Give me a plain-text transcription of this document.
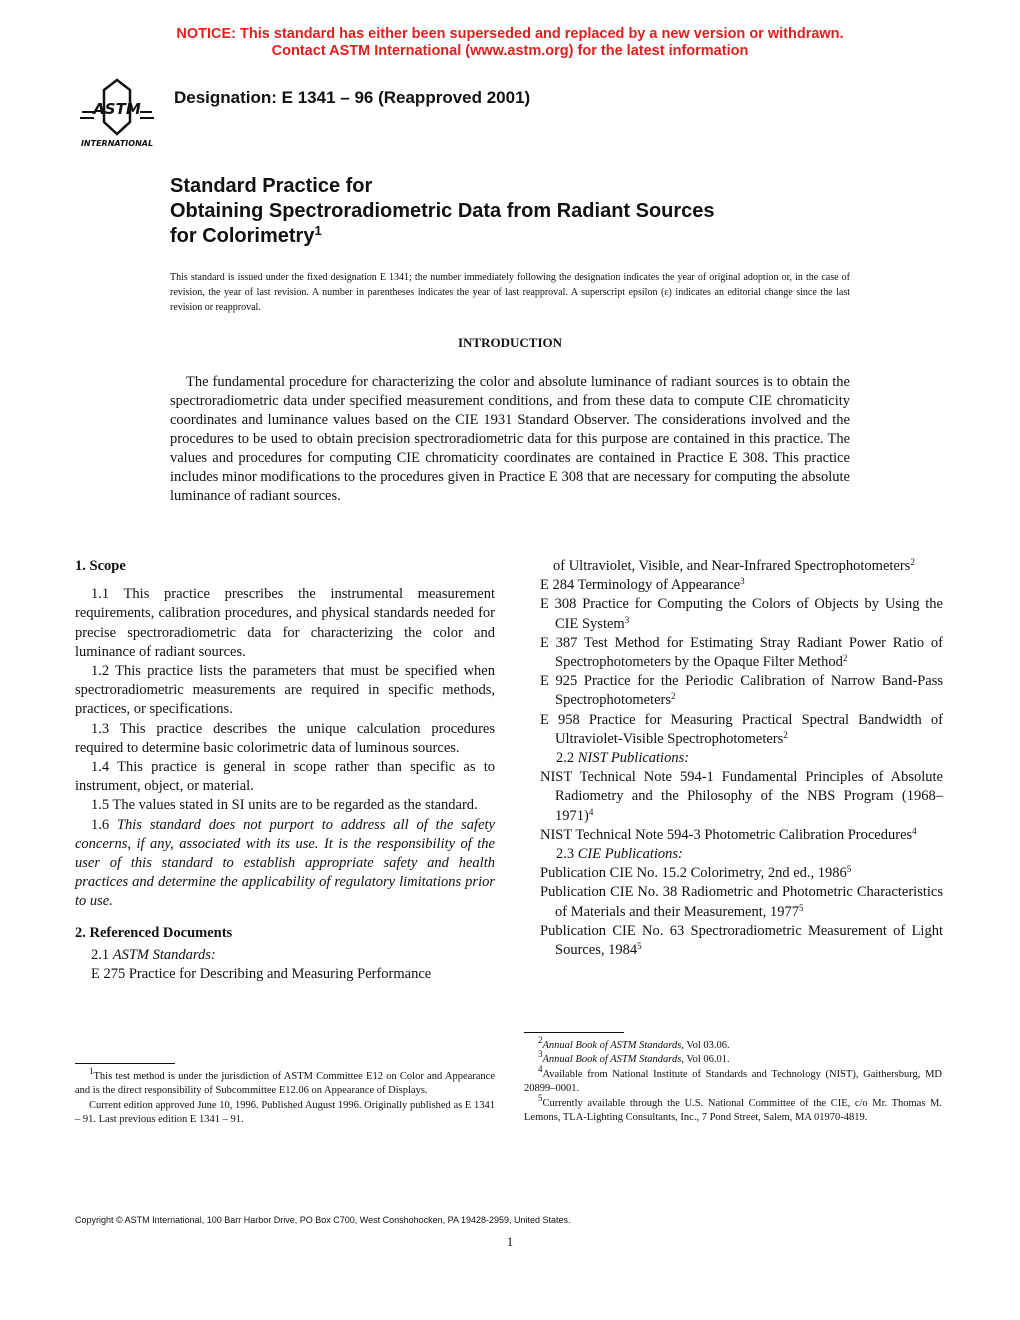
NOTICE: This standard has either been superseded and replaced by a new version or withdrawn.
Contact ASTM International (www.astm.org) for the latest information
ASTM
INTERNATIONAL
Designation: E 1341 – 96 (Reapproved 2001)
Standard Practice for
Obtaining Spectroradiometric Data from Radiant Sources
for Colorimetry$^1$
This standard is issued under the fixed designation E 1341; the number immediately following the designation indicates the year of original adoption or, in the case of revision, the year of last revision. A number in parentheses indicates the year of last reapproval. A superscript epsilon (ε) indicates an editorial change since the last revision or reapproval.
INTRODUCTION
The fundamental procedure for characterizing the color and absolute luminance of radiant sources is to obtain the spectroradiometric data under specified measurement conditions, and from these data to compute CIE chromaticity coordinates and luminance values based on the CIE 1931 Standard Observer. The considerations involved and the procedures to be used to obtain precision spectroradiometric data for this purpose are contained in this practice. The values and procedures for computing CIE chromaticity coordinates are contained in Practice E 308. This practice includes minor modifications to the procedures given in Practice E 308 that are necessary for computing the absolute luminance of radiant sources.
1. Scope

1.1 This practice prescribes the instrumental measurement requirements, calibration procedures, and physical standards needed for precise spectroradiometric data for characterizing the color and luminance of radiant sources.

1.2 This practice lists the parameters that must be specified when spectroradiometric measurements are required in specific methods, practices, or specifications.

1.3 This practice describes the unique calculation procedures required to determine basic colorimetric data of luminous sources.

1.4 This practice is general in scope rather than specific as to instrument, object, or material.

1.5 The values stated in SI units are to be regarded as the standard.

1.6 This standard does not purport to address all of the safety concerns, if any, associated with its use. It is the responsibility of the user of this standard to establish appropriate safety and health practices and determine the applicability of regulatory limitations prior to use.

2. Referenced Documents

2.1 ASTM Standards:

E 275 Practice for Describing and Measuring Performance

$^1$This test method is under the jurisdiction of ASTM Committee E12 on Color and Appearance and is the direct responsibility of Subcommittee E12.06 on Appearance of Displays.

Current edition approved June 10, 1996. Published August 1996. Originally published as E 1341 – 91. Last previous edition E 1341 – 91.

of Ultraviolet, Visible, and Near-Infrared Spectrophotometers$^2$

E 284 Terminology of Appearance$^3$

E 308 Practice for Computing the Colors of Objects by Using the CIE System$^3$

E 387 Test Method for Estimating Stray Radiant Power Ratio of Spectrophotometers by the Opaque Filter Method$^2$

E 925 Practice for the Periodic Calibration of Narrow Band-Pass Spectrophotometers$^2$

E 958 Practice for Measuring Practical Spectral Bandwidth of Ultraviolet-Visible Spectrophotometers$^2$

2.2 NIST Publications:

NIST Technical Note 594-1 Fundamental Principles of Absolute Radiometry and the Philosophy of the NBS Program (1968–1971)$^4$

NIST Technical Note 594-3 Photometric Calibration Procedures$^4$

2.3 CIE Publications:

Publication CIE No. 15.2 Colorimetry, 2nd ed., 1986$^5$

Publication CIE No. 38 Radiometric and Photometric Characteristics of Materials and their Measurement, 1977$^5$

Publication CIE No. 63 Spectroradiometric Measurement of Light Sources, 1984$^5$

$^2$Annual Book of ASTM Standards, Vol 03.06.

$^3$Annual Book of ASTM Standards, Vol 06.01.

$^4$Available from National Institute of Standards and Technology (NIST), Gaithersburg, MD 20899–0001.

$^5$Currently available through the U.S. National Committee of the CIE, c/o Mr. Thomas M. Lemons, TLA-Lighting Consultants, Inc., 7 Pond Street, Salem, MA 01970-4819.

Copyright © ASTM International, 100 Barr Harbor Drive, PO Box C700, West Conshohocken, PA 19428-2959, United States.
1
